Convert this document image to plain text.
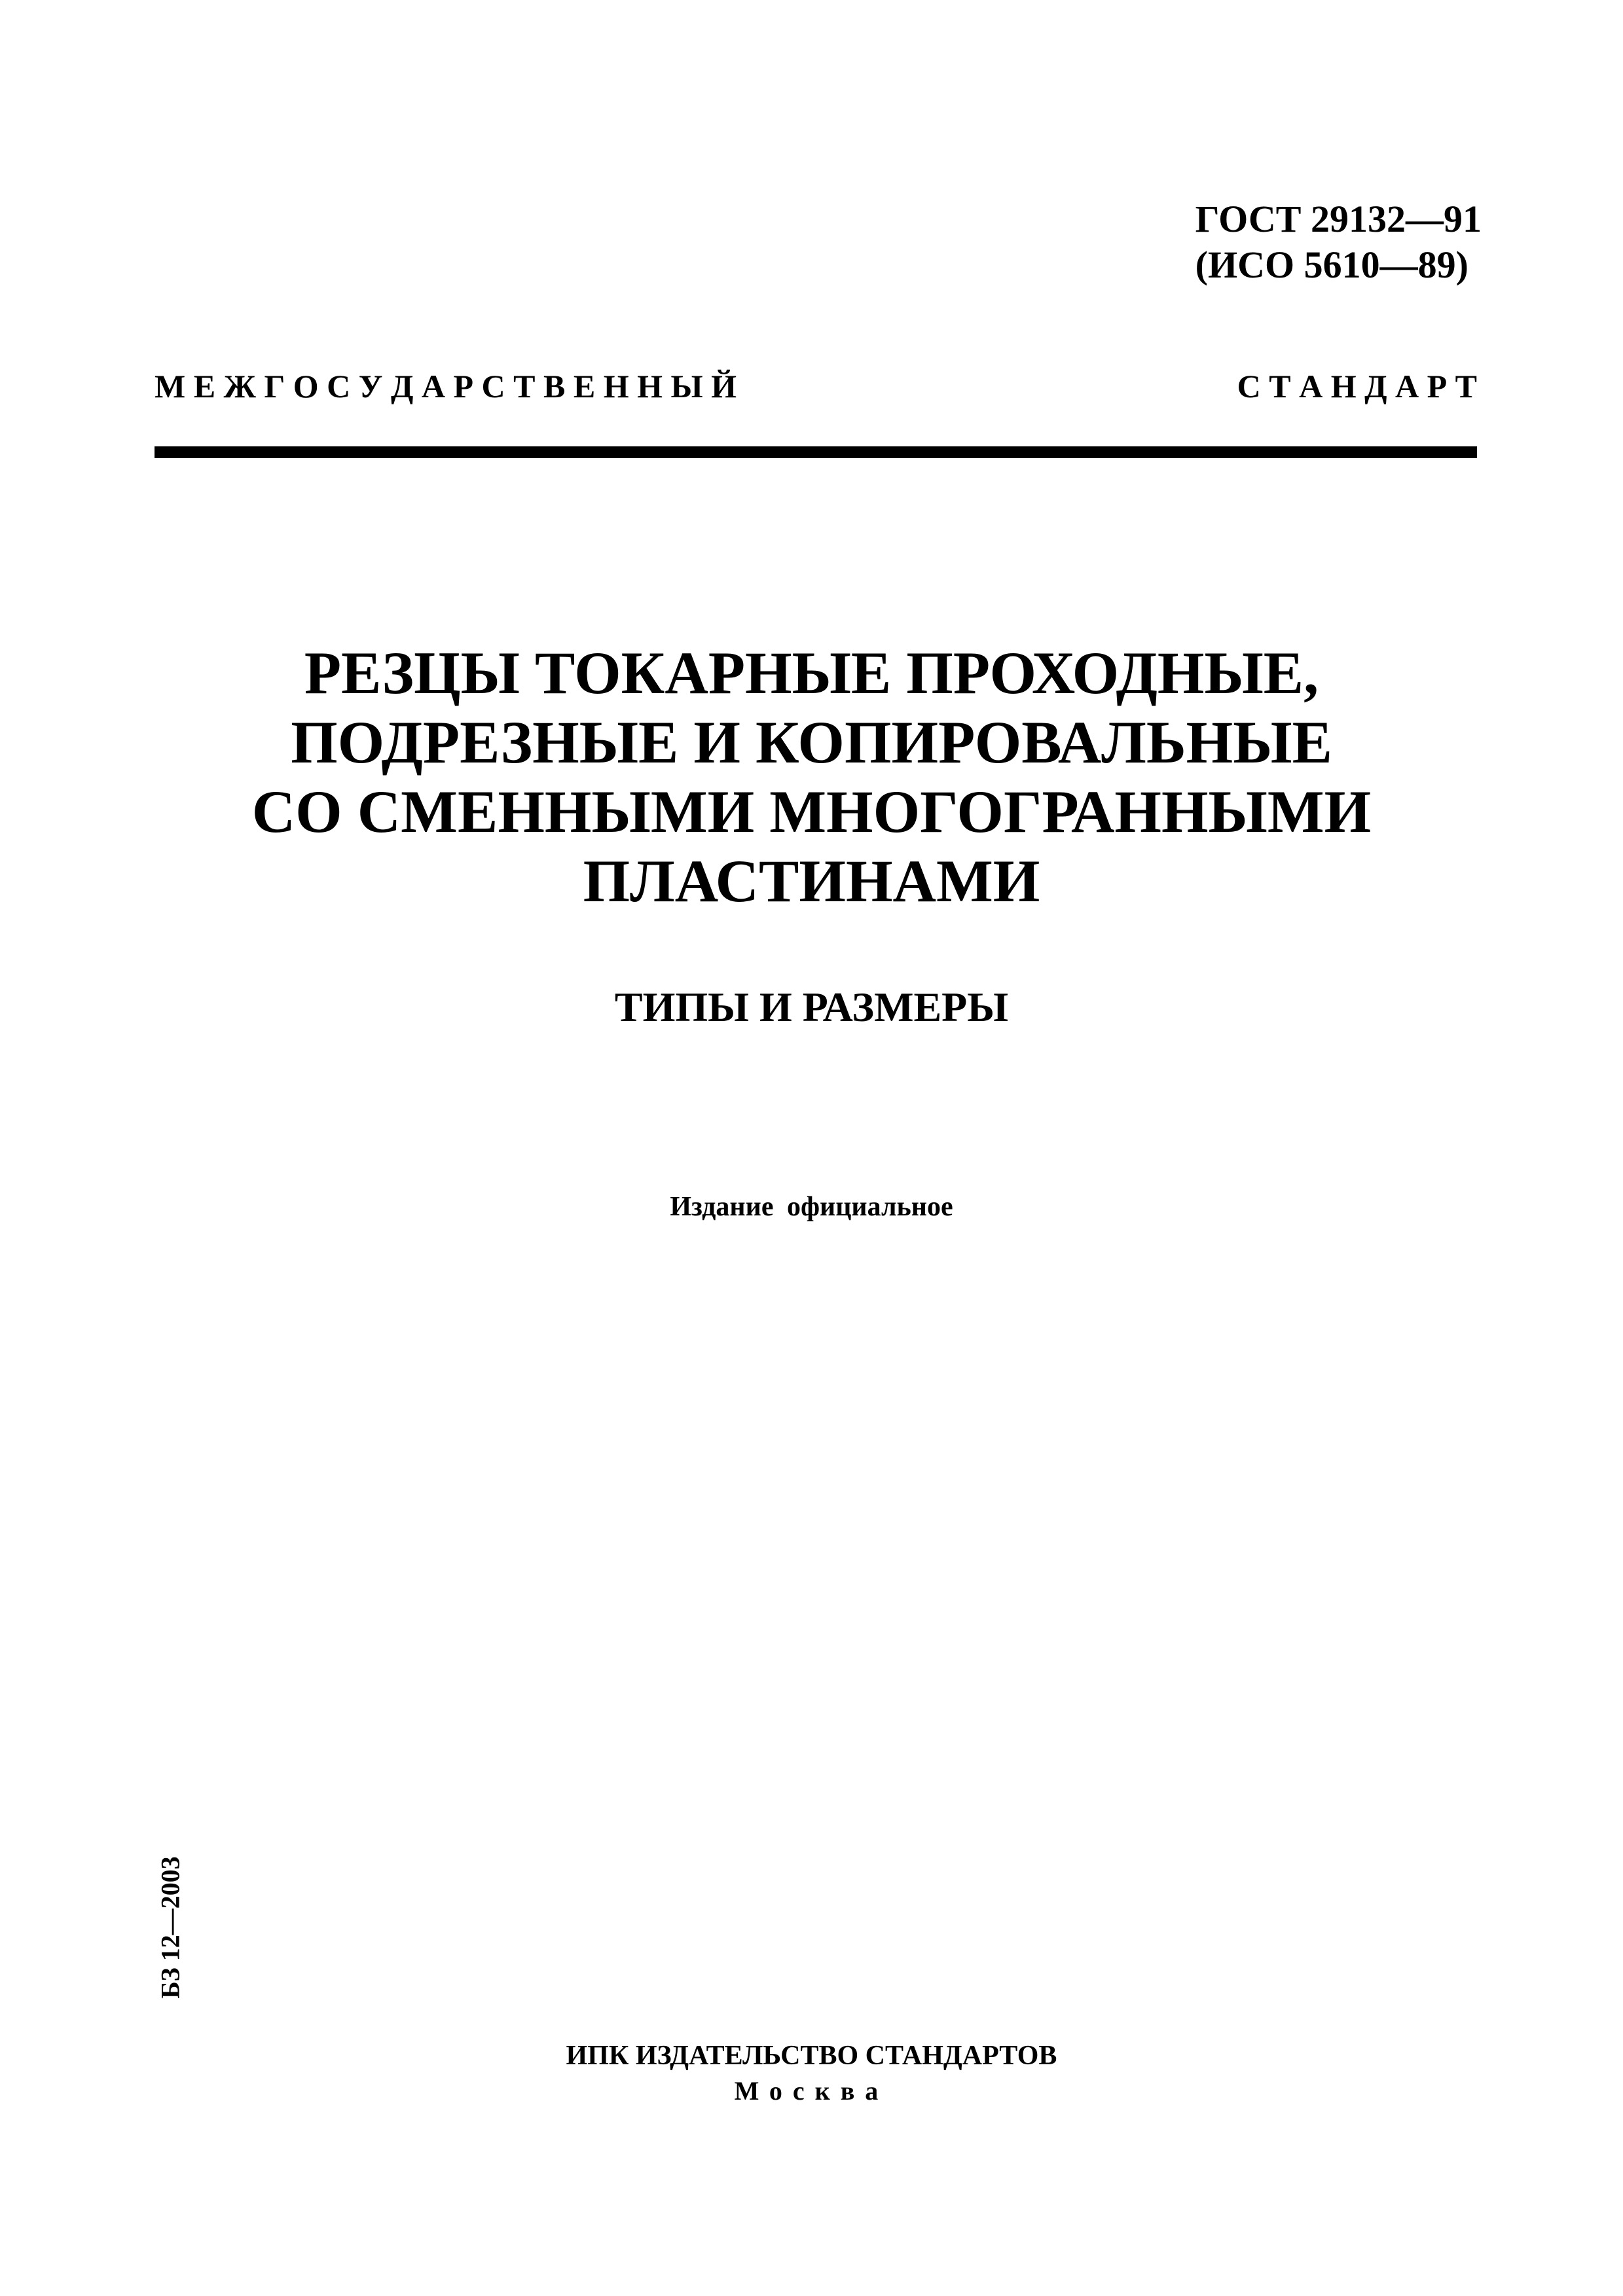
ГОСТ 29132—91
(ИСО 5610—89)
М Е Ж Г О С У Д А Р С Т В Е Н Н Ы Й	С Т А Н Д А Р Т
РЕЗЦЫ ТОКАРНЫЕ ПРОХОДНЫЕ,
ПОДРЕЗНЫЕ И КОПИРОВАЛЬНЫЕ
СО СМЕННЫМИ МНОГОГРАННЫМИ
ПЛАСТИНАМИ
ТИПЫ И РАЗМЕРЫ
Издание официальное
БЗ 12—2003
ИПК ИЗДАТЕЛЬСТВО СТАНДАРТОВ
Москва
